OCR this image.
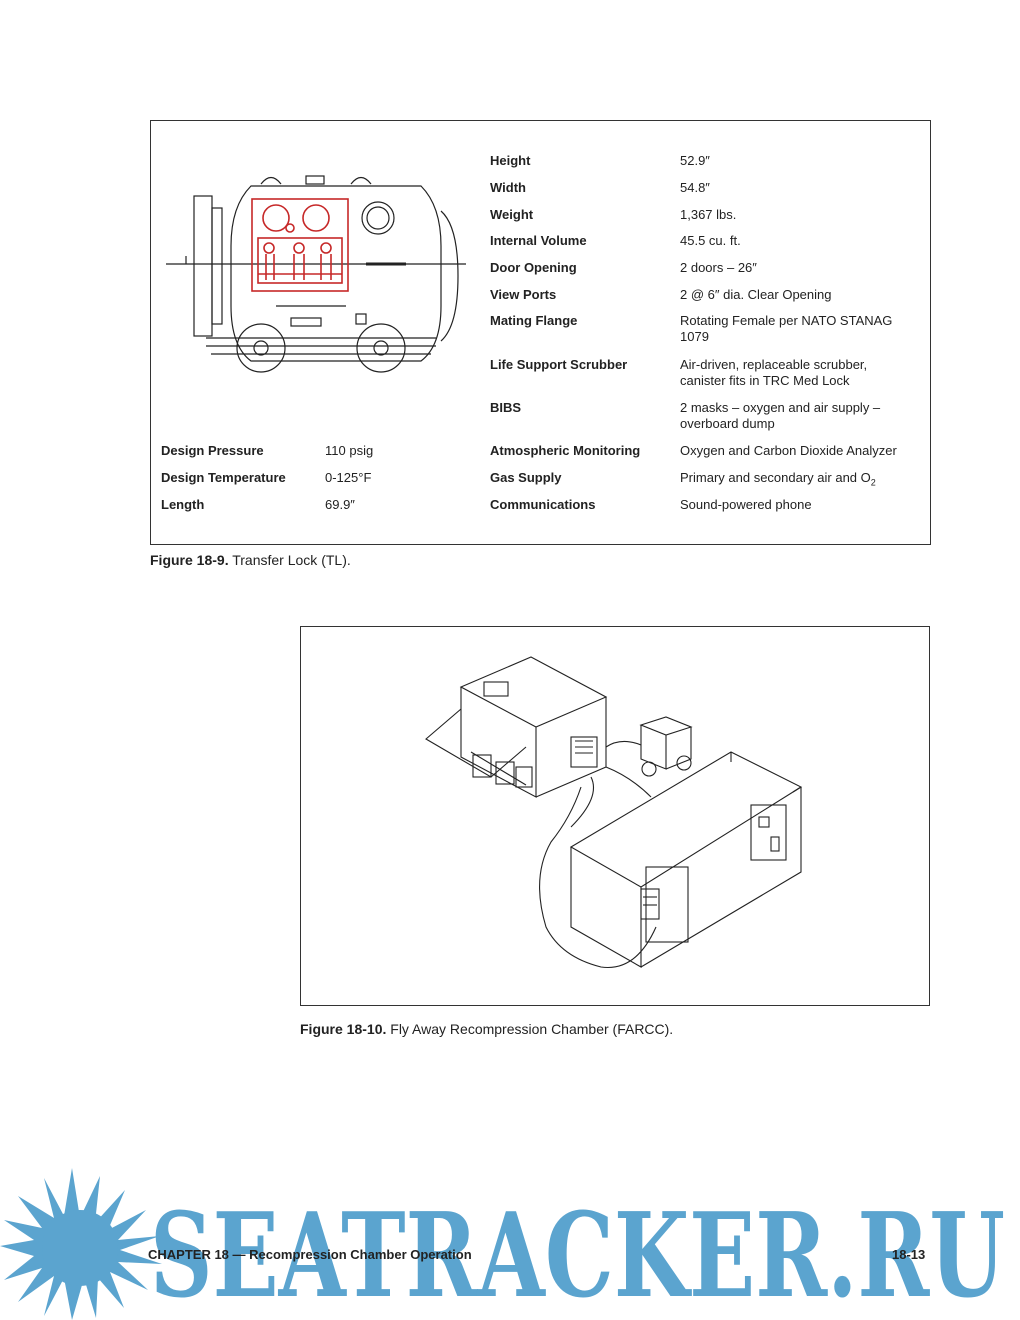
Height	52.9″
Width	54.8″
Weight	1,367 lbs.
Internal Volume	45.5 cu. ft.
Door Opening	2 doors – 26″
View Ports	2 @ 6″ dia. Clear Opening
Mating Flange	Rotating Female per NATO STANAG 1079
Life Support Scrubber	Air-driven, replaceable scrubber, canister fits in TRC Med Lock
BIBS	2 masks – oxygen and air supply – overboard dump
Atmospheric Monitoring	Oxygen and Carbon Dioxide Analyzer
Gas Supply	Primary and secondary air and $O_2$
Communications	Sound-powered phone
Design Pressure	110 psig
Design Temperature	0-125°F
Length	69.9″
Figure 18-9. Transfer Lock (TL).
Figure 18-10. Fly Away Recompression Chamber (FARCC).
SEATRACKER.RU
CHAPTER 18 — Recompression Chamber Operation	18-13
